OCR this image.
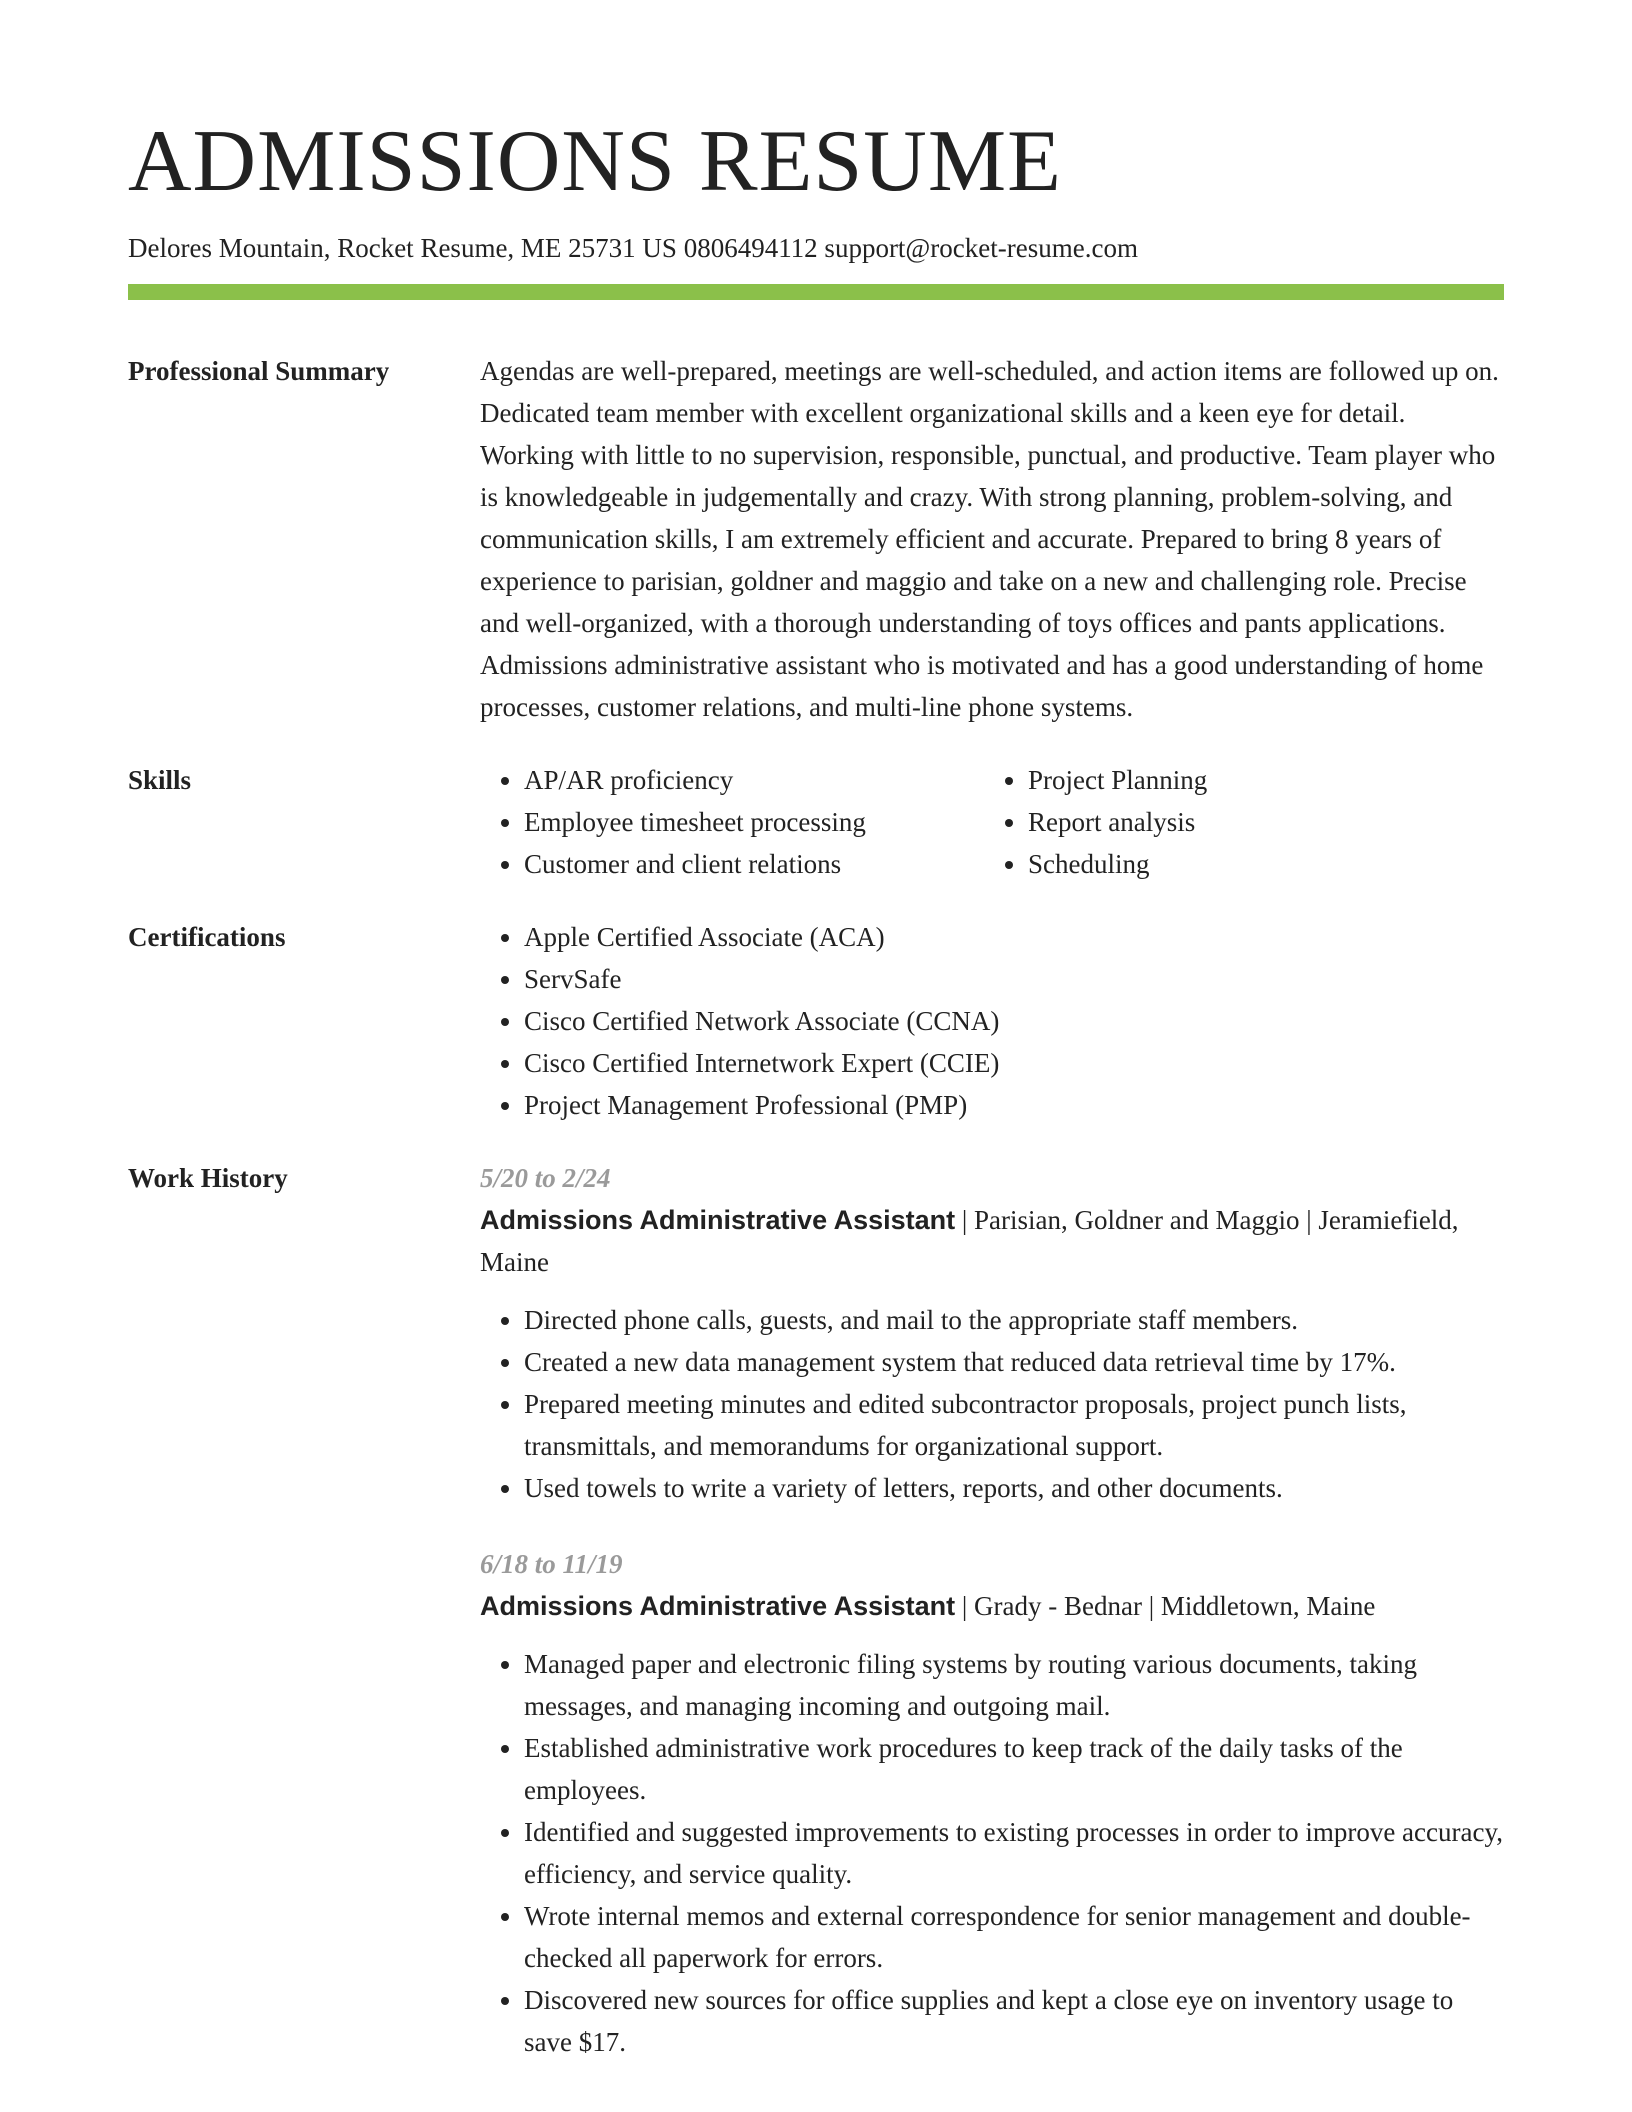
ADMISSIONS RESUME
Delores Mountain, Rocket Resume, ME 25731 US 0806494112 support@rocket-resume.com
Professional Summary	Agendas are well-prepared, meetings are well-scheduled, and action items are followed up on. Dedicated team member with excellent organizational skills and a keen eye for detail. Working with little to no supervision, responsible, punctual, and productive. Team player who is knowledgeable in judgementally and crazy. With strong planning, problem-solving, and communication skills, I am extremely efficient and accurate. Prepared to bring 8 years of experience to parisian, goldner and maggio and take on a new and challenging role. Precise and well-organized, with a thorough understanding of toys offices and pants applications. Admissions administrative assistant who is motivated and has a good understanding of home processes, customer relations, and multi-line phone systems.
Skills	• AP/AR proficiency
• Employee timesheet processing
• Customer and client relations
• Project Planning
• Report analysis
• Scheduling
Certifications	• Apple Certified Associate (ACA)
• ServSafe
• Cisco Certified Network Associate (CCNA)
• Cisco Certified Internetwork Expert (CCIE)
• Project Management Professional (PMP)
Work History	5/20 to 2/24

Admissions Administrative Assistant | Parisian, Goldner and Maggio | Jeramiefield, Maine

• Directed phone calls, guests, and mail to the appropriate staff members.
• Created a new data management system that reduced data retrieval time by 17%.
• Prepared meeting minutes and edited subcontractor proposals, project punch lists, transmittals, and memorandums for organizational support.
• Used towels to write a variety of letters, reports, and other documents.
6/18 to 11/19

Admissions Administrative Assistant | Grady - Bednar | Middletown, Maine

• Managed paper and electronic filing systems by routing various documents, taking messages, and managing incoming and outgoing mail.
• Established administrative work procedures to keep track of the daily tasks of the employees.
• Identified and suggested improvements to existing processes in order to improve accuracy, efficiency, and service quality.
• Wrote internal memos and external correspondence for senior management and double-checked all paperwork for errors.
• Discovered new sources for office supplies and kept a close eye on inventory usage to save $17.
